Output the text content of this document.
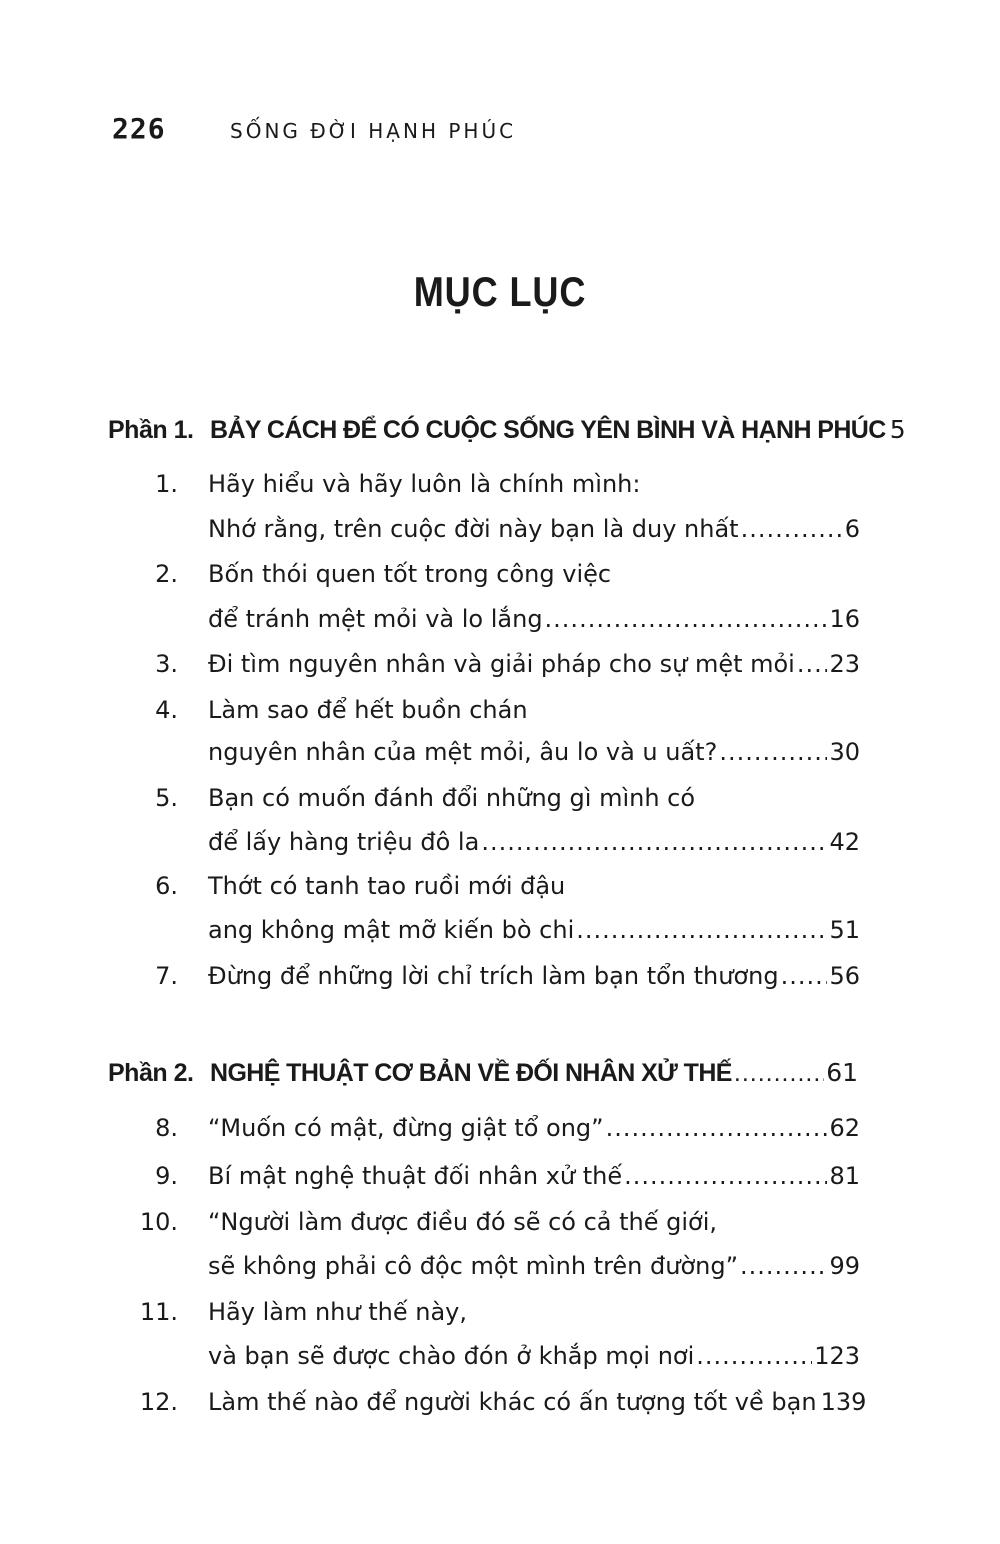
226	SỐNG ĐỜI HẠNH PHÚC
MỤC LỤC
Phần 1. BẢY CÁCH ĐỂ CÓ CUỘC SỐNG YÊN BÌNH VÀ HẠNH PHÚC 5
1. Hãy hiểu và hãy luôn là chính mình:
Nhớ rằng, trên cuộc đời này bạn là duy nhất .....	6
2. Bốn thói quen tốt trong công việc
để tránh mệt mỏi và lo lắng .....	16
3. Đi tìm nguyên nhân và giải pháp cho sự mệt mỏi ..... 23
4. Làm sao để hết buồn chán
nguyên nhân của mệt mỏi, âu lo và u uất? .....	30
5. Bạn có muốn đánh đổi những gì mình có
để lấy hàng triệu đô la .....	42
6. Thớt có tanh tao ruồi mới đậu
ang không mật mỡ kiến bò chi .....	51
7. Đừng để những lời chỉ trích làm bạn tổn thương ..... 56
Phần 2. NGHỆ THUẬT CƠ BẢN VỀ ĐỐI NHÂN XỬ THẾ .....	61
8. “Muốn có mật, đừng giật tổ ong” .....	62
9. Bí mật nghệ thuật đối nhân xử thế .....	81
10. “Người làm được điều đó sẽ có cả thế giới,
sẽ không phải cô độc một mình trên đường” .....	99
11. Hãy làm như thế này,
và bạn sẽ được chào đón ở khắp mọi nơi .....	123
12. Làm thế nào để người khác có ấn tượng tốt về bạn 139
